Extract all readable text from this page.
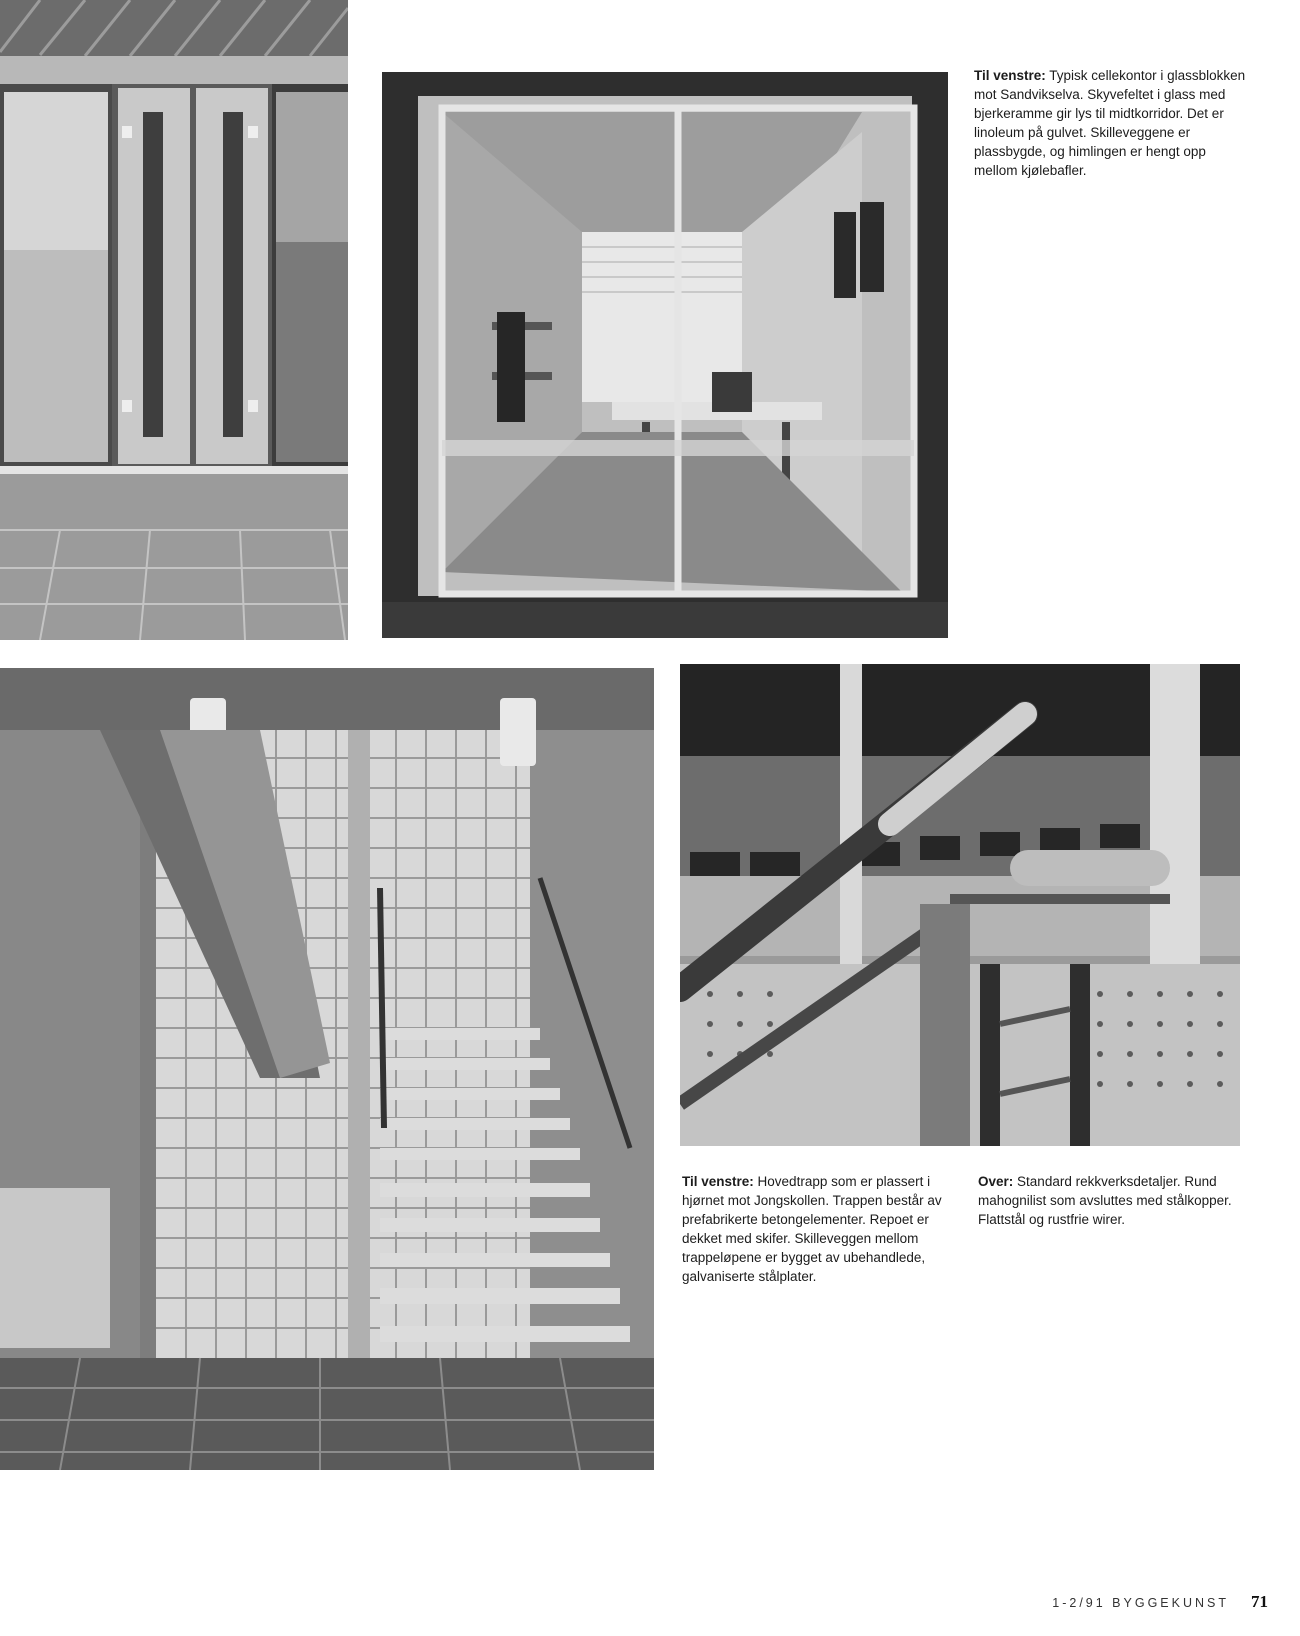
Til venstre: Typisk cellekontor i glassblokken mot Sandvikselva. Skyvefeltet i glass med bjerkeramme gir lys til midtkorridor. Det er linoleum på gulvet. Skilleveggene er plassbygde, og himlingen er hengt opp mellom kjølebafler.
Til venstre: Hovedtrapp som er plassert i hjørnet mot Jongskollen. Trappen består av prefabrikerte betongelementer. Repoet er dekket med skifer. Skilleveggen mellom trappeløpene er bygget av ubehandlede, galvaniserte stålplater.
Over: Standard rekkverksdetaljer. Rund mahognilist som avsluttes med stålkopper. Flattstål og rustfrie wirer.
1-2/91 BYGGEKUNST 71
